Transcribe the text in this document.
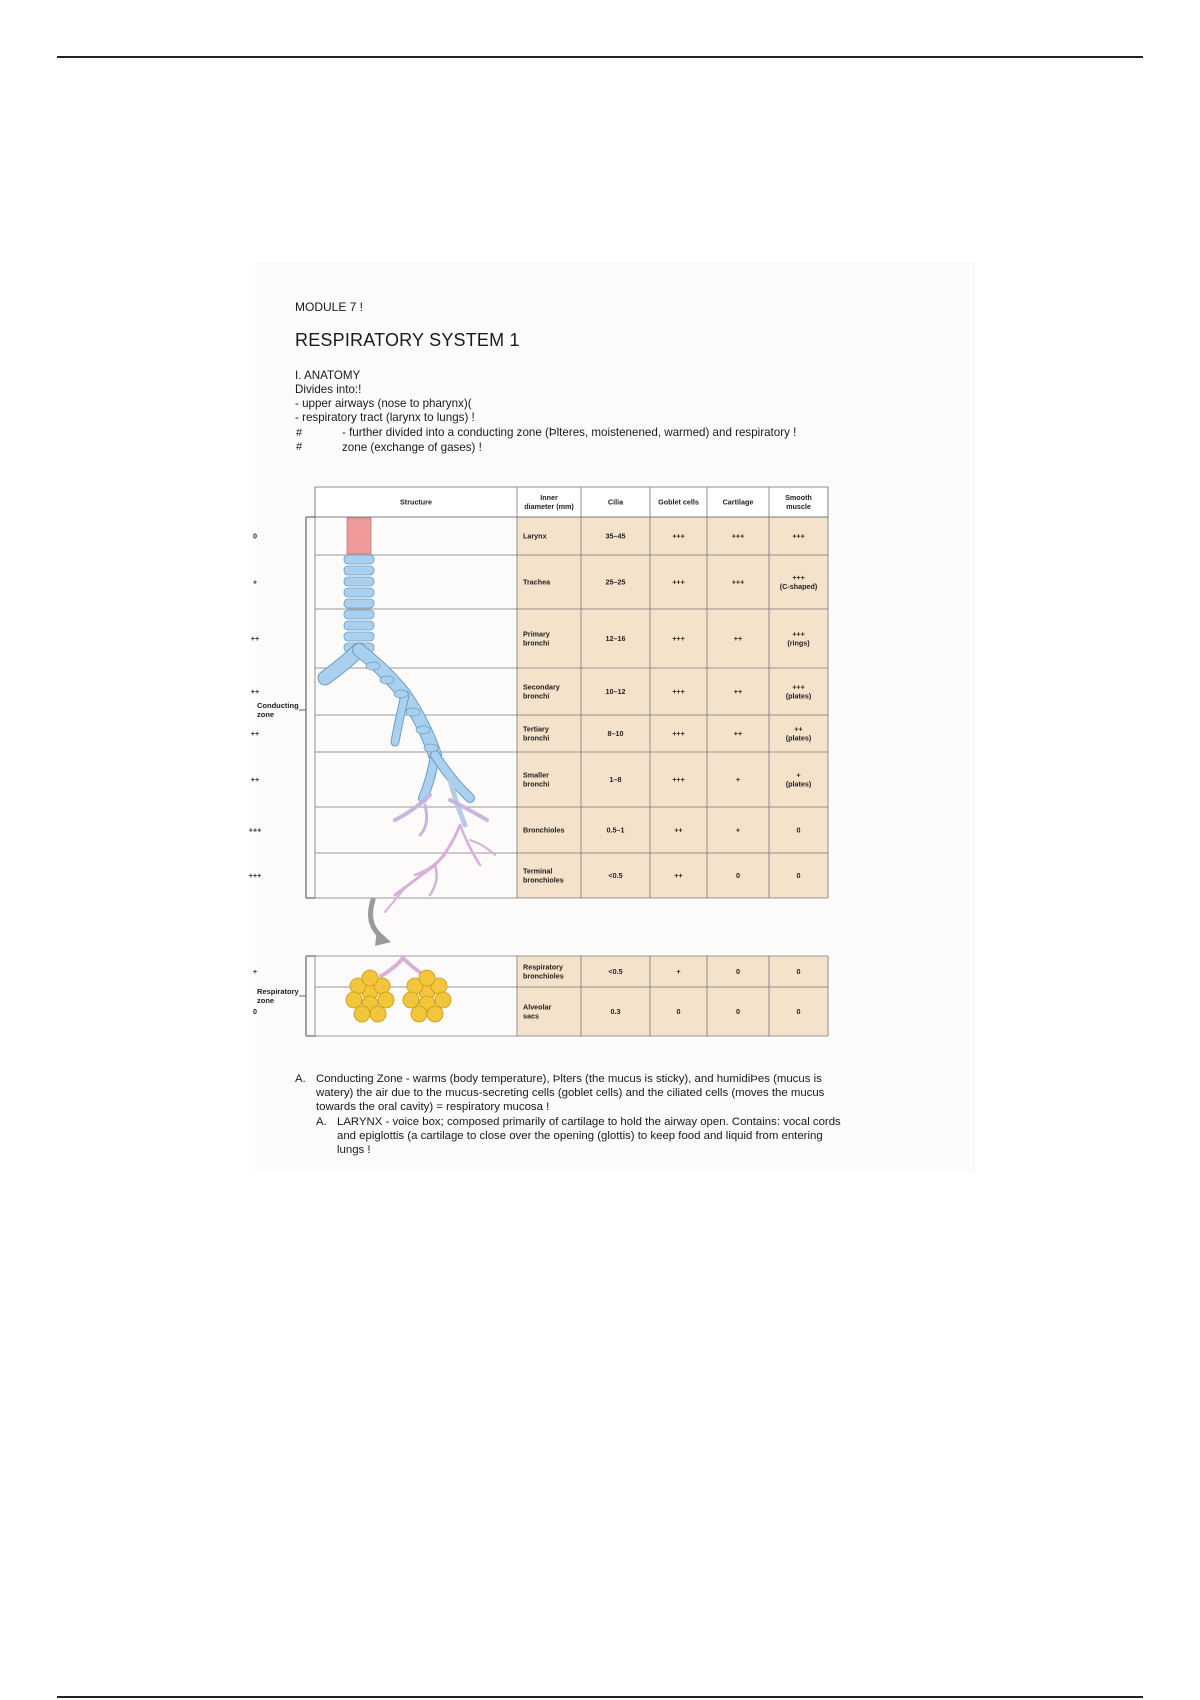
MODULE 7 !
RESPIRATORY SYSTEM 1
I. ANATOMY
Divides into:!
- upper airways (nose to pharynx)(
- respiratory tract (larynx to lungs) !
#	- further divided into a conducting zone (Þlteres, moistenened, warmed) and respiratory !
#	zone (exchange of gases) !
Conducting zone
Respiratory zone
Structure	Inner diameter (mm)	Cilia	Goblet cells	Cartilage	Smooth muscle
Larynx	35–45	+++	+++	+++
0
Trachea	25–25	+++	+++	+++ (C-shaped)
+
Primary bronchi	12–16	+++	++	+++ (rings)
++
Secondary bronchi	10–12	+++	++	+++ (plates)
++
Tertiary bronchi	8–10	+++	++	++ (plates)
++
Smaller bronchi	1–8	+++	+	+ (plates)
++
Bronchioles	0.5–1	++	+	0
+++
Terminal bronchioles	<0.5	++	0	0
+++
Respiratory bronchioles	<0.5	+	0	0
+
Alveolar sacs	0.3	0	0	0
0
A. Conducting Zone - warms (body temperature), Þlters (the mucus is sticky), and humidiÞes (mucus is
watery) the air due to the mucus-secreting cells (goblet cells) and the ciliated cells (moves the mucus
towards the oral cavity) = respiratory mucosa !
A. LARYNX - voice box; composed primarily of cartilage to hold the airway open. Contains: vocal cords
and epiglottis (a cartilage to close over the opening (glottis) to keep food and liquid from entering
lungs !
